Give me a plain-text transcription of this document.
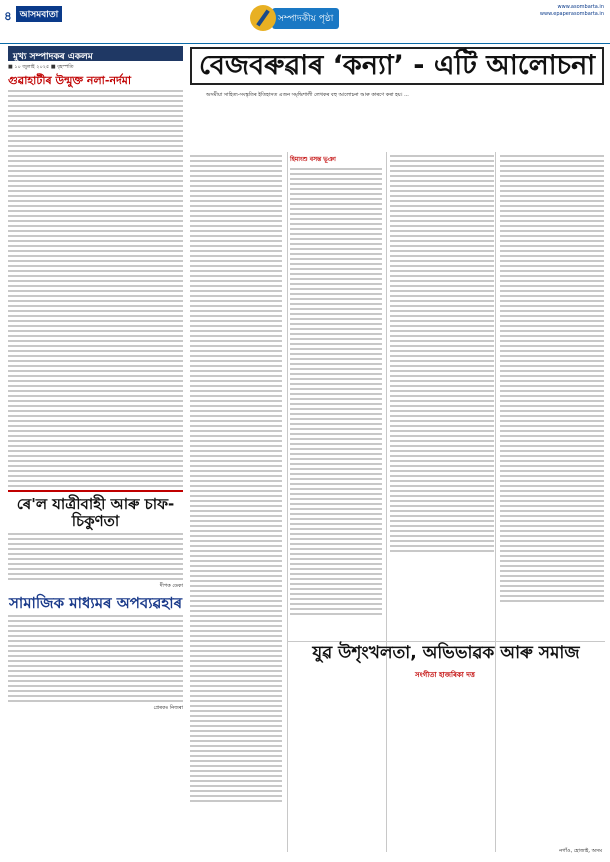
৪ আসমবাতা	সম্পাদকীয় পৃষ্ঠা
www.asombarta.in
www.epaperasombarta.in
মুখ্য সম্পাদকৰ একলম
■ ১০ জুলাই ২০২৫ ■ বৃহস্পতি
গুৱাহাটীৰ উন্মুক্ত নলা-নৰ্দমা
ৰে'ল যাত্ৰীবাহী আৰু চাফ-চিকুণতা
দীপক ডেকা
সামাজিক মাধ্যমৰ অপব্যৱহাৰ
প্ৰেৰকঃ নিজৰা
বেজবৰুৱাৰ ‘কন্যা’ - এটি আলোচনা
অসমীয়া সাহিত্য-সংস্কৃতিৰ ইতিহাসত এজন সমৃদ্ধিশালী লেখকৰ বহু আলোচনা আৰু কাৰণে কৰা হয়। ...
হিমাংশু বসন্ত ভূঞা
যুৱ উশৃংখলতা, অভিভাৱক আৰু সমাজ
সংগীতা হাজৰিকা দত্ত
নগাঁও, হোজাই, অসম
